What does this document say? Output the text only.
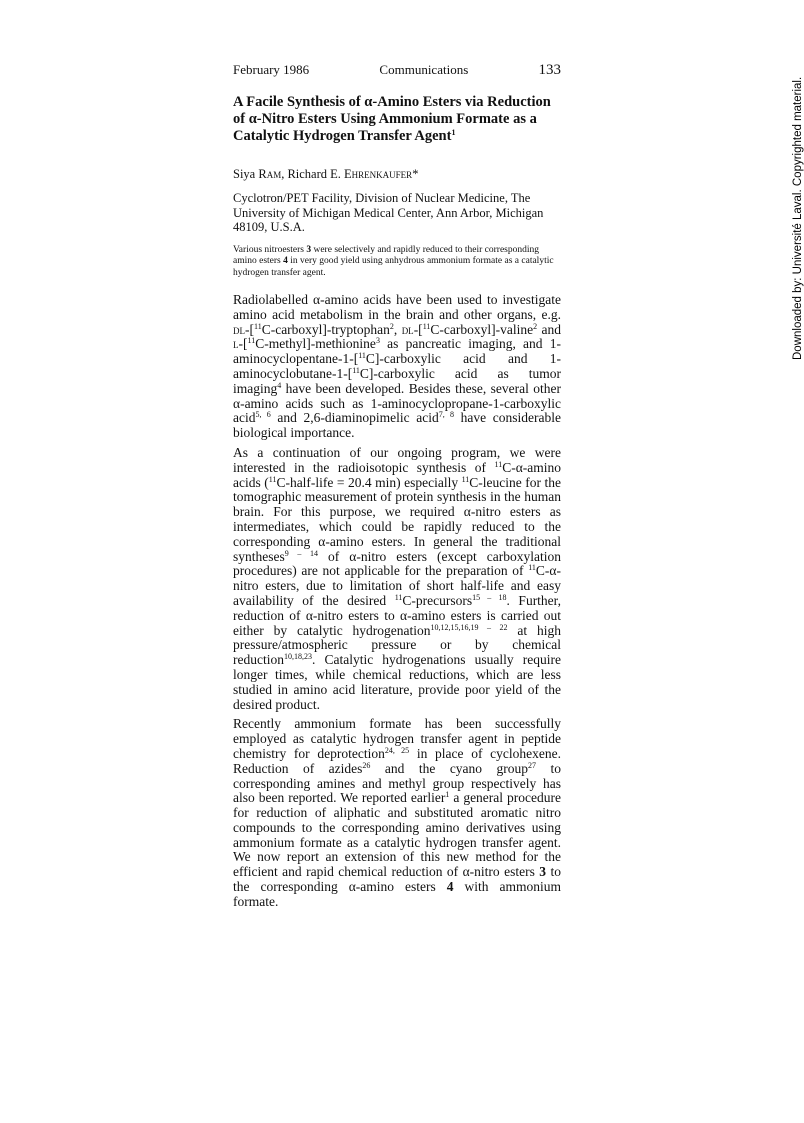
February 1986	Communications	133
A Facile Synthesis of α-Amino Esters via Reduction of α-Nitro Esters Using Ammonium Formate as a Catalytic Hydrogen Transfer Agent$^1$
Siya Ram, Richard E. Ehrenkaufer*
Cyclotron/PET Facility, Division of Nuclear Medicine, The University of Michigan Medical Center, Ann Arbor, Michigan 48109, U.S.A.
Various nitroesters 3 were selectively and rapidly reduced to their corresponding amino esters 4 in very good yield using anhydrous ammonium formate as a catalytic hydrogen transfer agent.

Radiolabelled α-amino acids have been used to investigate amino acid metabolism in the brain and other organs, e.g. dl-[$^{11}$C-carboxyl]-tryptophan$^2$, dl-[$^{11}$C-carboxyl]-valine$^2$ and l-[$^{11}$C-methyl]-methionine$^3$ as pancreatic imaging, and 1-aminocyclopentane-1-[$^{11}$C]-carboxylic acid and 1-aminocyclobutane-1-[$^{11}$C]-carboxylic acid as tumor imaging$^4$ have been developed. Besides these, several other α-amino acids such as 1-aminocyclopropane-1-carboxylic acid$^{5, 6}$ and 2,6-diaminopimelic acid$^{7, 8}$ have considerable biological importance.

As a continuation of our ongoing program, we were interested in the radioisotopic synthesis of $^{11}$C-α-amino acids ($^{11}$C-half-life = 20.4 min) especially $^{11}$C-leucine for the tomographic measurement of protein synthesis in the human brain. For this purpose, we required α-nitro esters as intermediates, which could be rapidly reduced to the corresponding α-amino esters. In general the traditional syntheses$^{9 - 14}$ of α-nitro esters (except carboxylation procedures) are not applicable for the preparation of $^{11}$C-α-nitro esters, due to limitation of short half-life and easy availability of the desired $^{11}$C-precursors$^{15 - 18}$. Further, reduction of α-nitro esters to α-amino esters is carried out either by catalytic hydrogenation$^{10,12,15,16,19 - 22}$ at high pressure/atmospheric pressure or by chemical reduction$^{10,18,23}$. Catalytic hydrogenations usually require longer times, while chemical reductions, which are less studied in amino acid literature, provide poor yield of the desired product.

Recently ammonium formate has been successfully employed as catalytic hydrogen transfer agent in peptide chemistry for deprotection$^{24, 25}$ in place of cyclohexene. Reduction of azides$^{26}$ and the cyano group$^{27}$ to corresponding amines and methyl group respectively has also been reported. We reported earlier$^1$ a general procedure for reduction of aliphatic and substituted aromatic nitro compounds to the corresponding amino derivatives using ammonium formate as a catalytic hydrogen transfer agent. We now report an extension of this new method for the efficient and rapid chemical reduction of α-nitro esters 3 to the corresponding α-amino esters 4 with ammonium formate.

Downloaded by: Université Laval. Copyrighted material.
